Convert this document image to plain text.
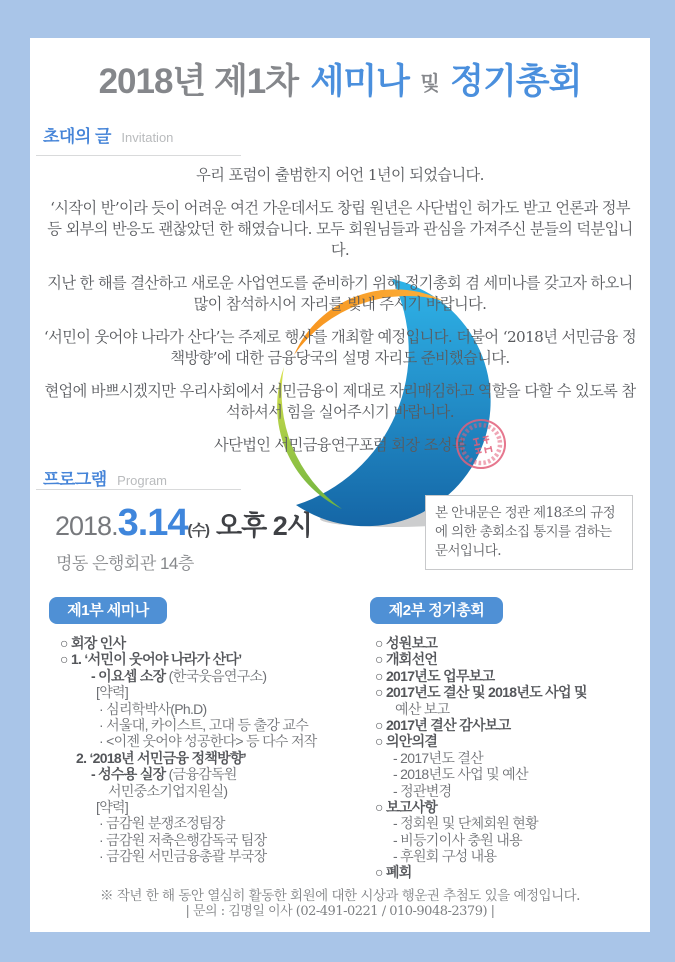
2018년 제1차 세미나 및 정기총회
초대의 글 Invitation

우리 포럼이 출범한지 어언 1년이 되었습니다.

‘시작이 반’이라 듯이 어려운 여건 가운데서도 창립 원년은 사단법인 허가도 받고 언론과 정부 등 외부의 반응도 괜찮았던 한 해였습니다. 모두 회원님들과 관심을 가져주신 분들의 덕분입니다.

지난 한 해를 결산하고 새로운 사업연도를 준비하기 위해 정기총회 겸 세미나를 갖고자 하오니 많이 참석하시어 자리를 빛내 주시기 바랍니다.

‘서민이 웃어야 나라가 산다’는 주제로 행사를 개최할 예정입니다. 더불어 ‘2018년 서민금융 정책방향’에 대한 금융당국의 설명 자리도 준비했습니다.

현업에 바쁘시겠지만 우리사회에서 서민금융이 제대로 자리매김하고 역할을 다할 수 있도록 참석하셔서 힘을 실어주시기 바랍니다.

사단법인 서민금융연구포럼 회장 조성목

프로그램 Program
2018.3.14(수) 오후 2시
명동 은행회관 14층
본 안내문은 정관 제18조의 규정에 의한 총회소집 통지를 겸하는 문서입니다.
제1부 세미나	제2부 정기총회
○ 회장 인사
○ 1. ‘서민이 웃어야 나라가 산다’
- 이요셉 소장 (한국웃음연구소)
[약력]
· 심리학박사(Ph.D)
· 서울대, 카이스트, 고대 등 출강 교수
· <이젠 웃어야 성공한다> 등 다수 저작
2. ‘2018년 서민금융 정책방향’
- 성수용 실장 (금융감독원
서민중소기업지원실)
[약력]
· 금감원 분쟁조정팀장
· 금감원 저축은행감독국 팀장
· 금감원 서민금융총괄 부국장
○ 성원보고
○ 개회선언
○ 2017년도 업무보고
○ 2017년도 결산 및 2018년도 사업 및
예산 보고
○ 2017년 결산 감사보고
○ 의안의결
- 2017년도 결산
- 2018년도 사업 및 예산
- 정관변경
○ 보고사항
- 정회원 및 단체회원 현황
- 비등기이사 충원 내용
- 후원회 구성 내용
○ 폐회
※ 작년 한 해 동안 열심히 활동한 회원에 대한 시상과 행운권 추첨도 있을 예정입니다.
| 문의 : 김명일 이사 (02-491-0221 / 010-9048-2379) |
